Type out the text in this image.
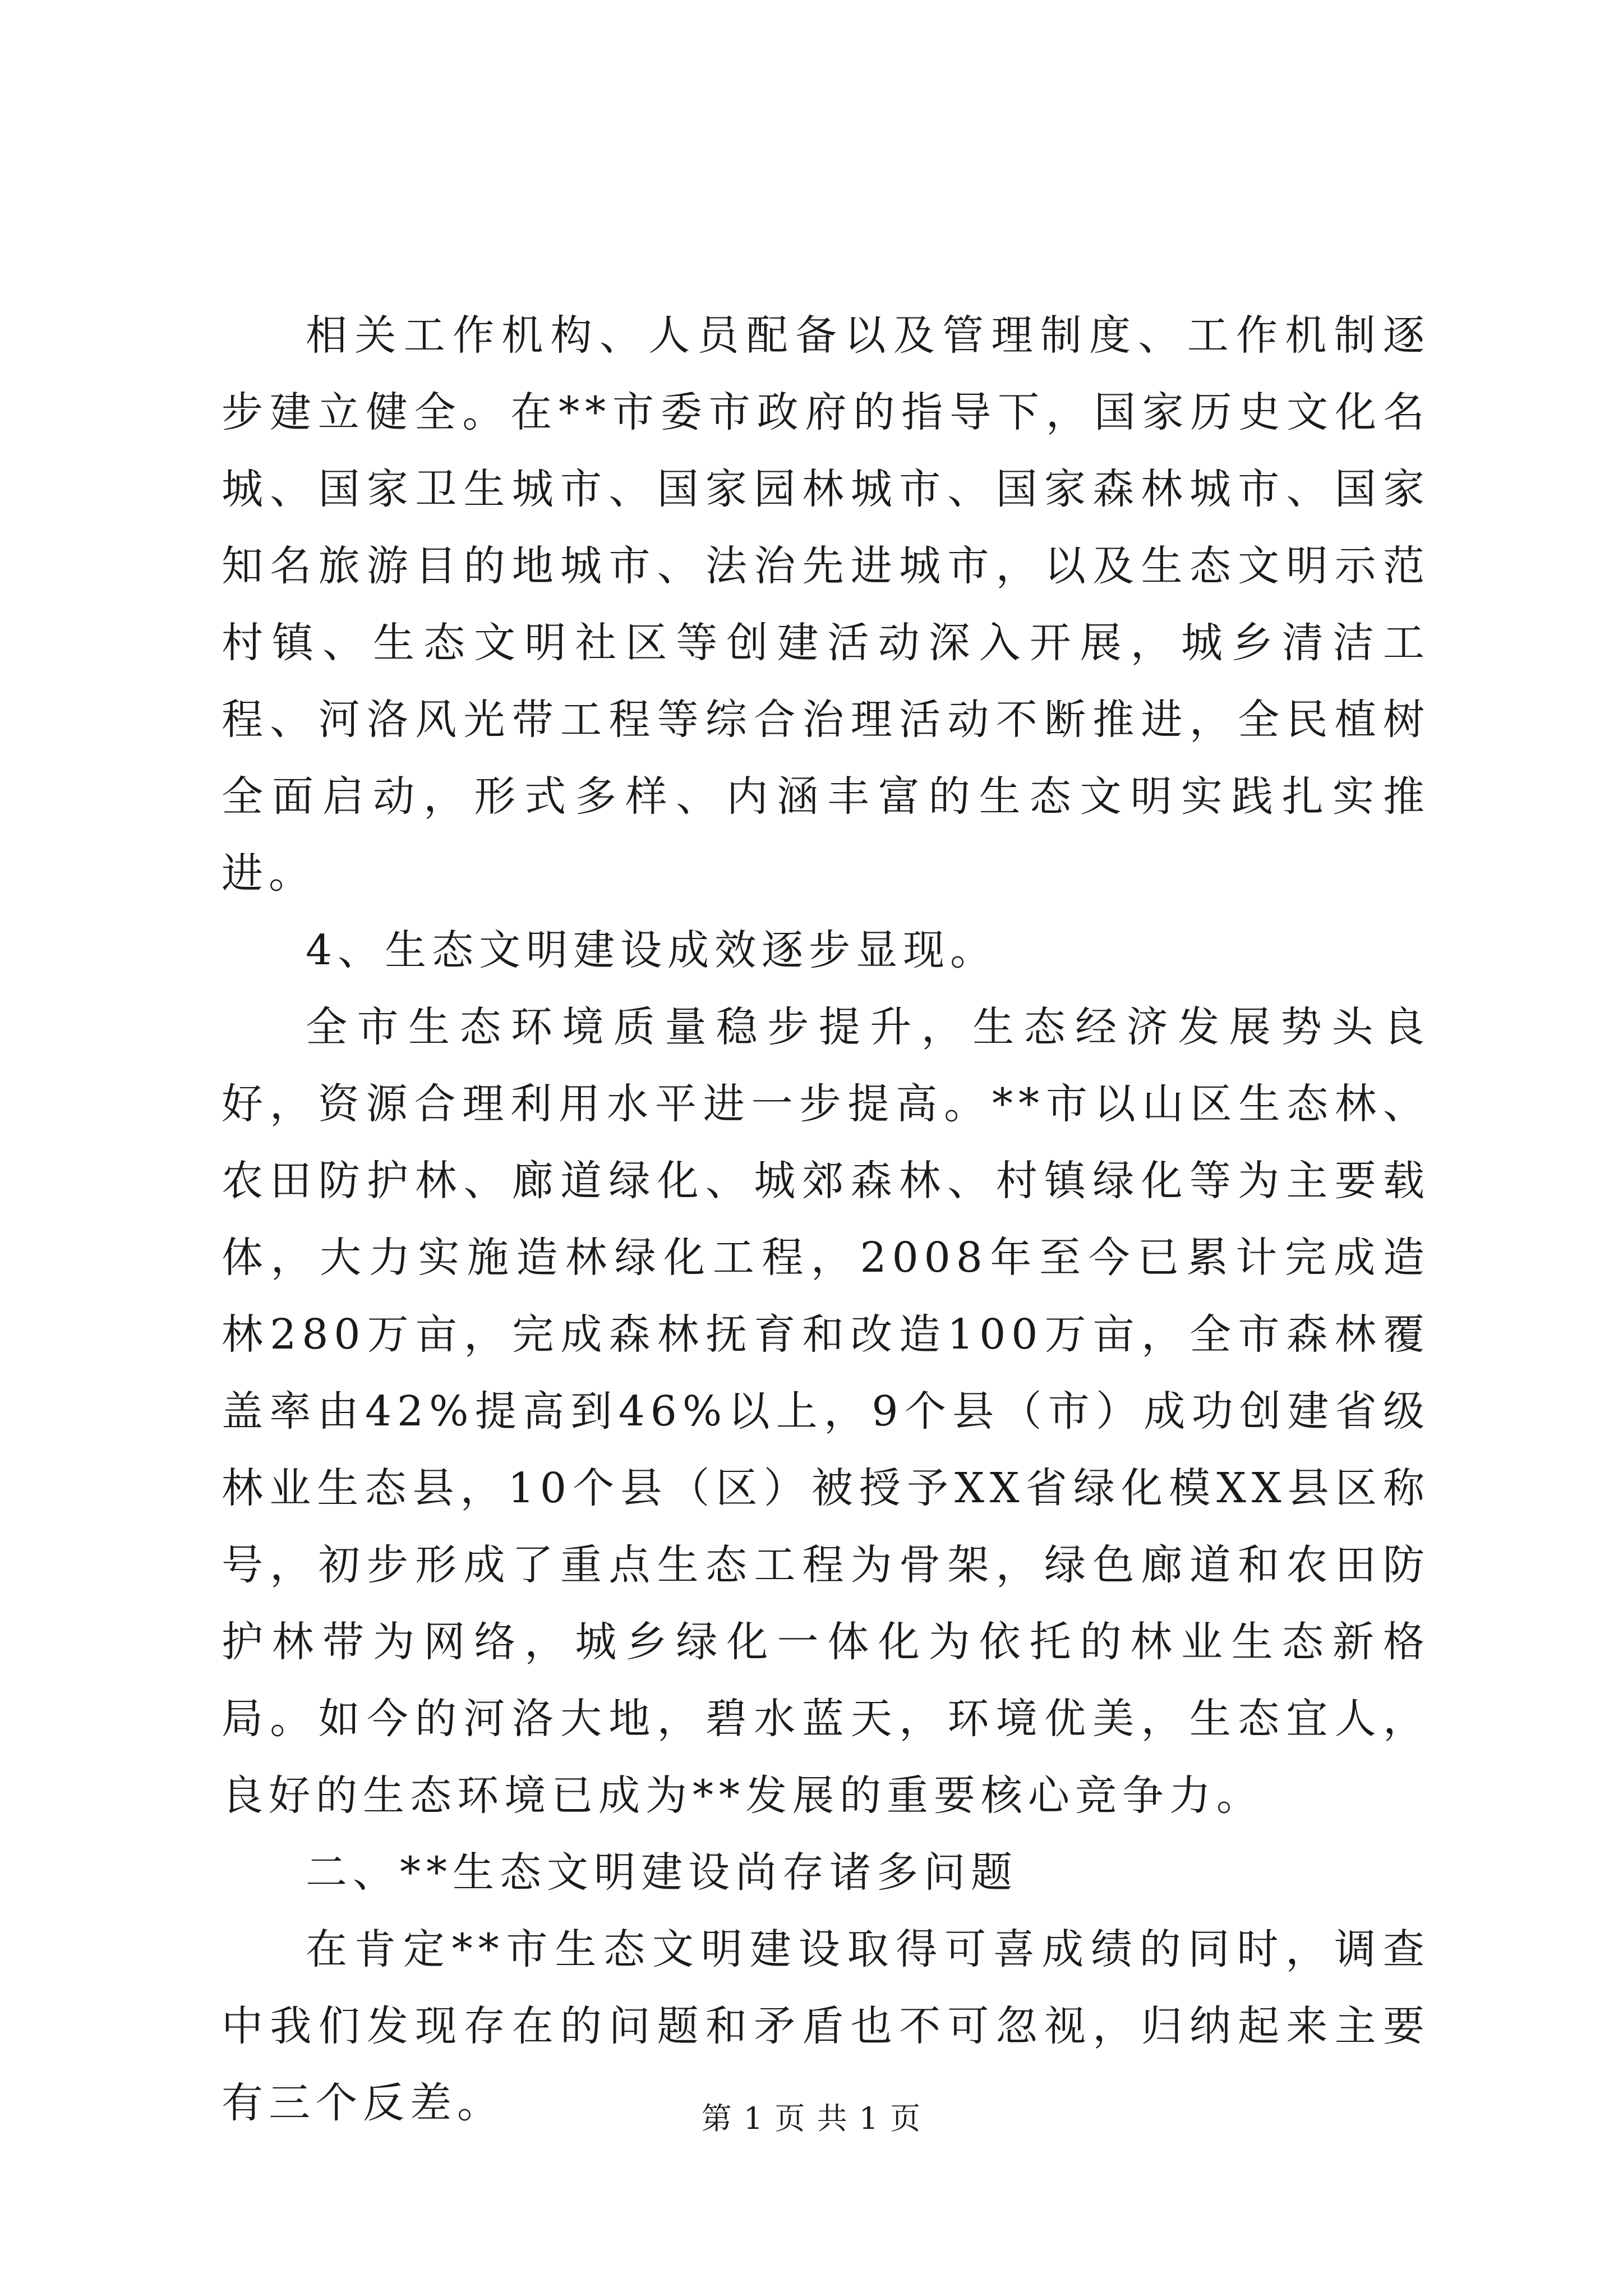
相关工作机构、人员配备以及管理制度、工作机制逐步建立健全。在**市委市政府的指导下，国家历史文化名城、国家卫生城市、国家园林城市、国家森林城市、国家知名旅游目的地城市、法治先进城市，以及生态文明示范村镇、生态文明社区等创建活动深入开展，城乡清洁工程、河洛风光带工程等综合治理活动不断推进，全民植树全面启动，形式多样、内涵丰富的生态文明实践扎实推进。

4、生态文明建设成效逐步显现。

全市生态环境质量稳步提升，生态经济发展势头良好，资源合理利用水平进一步提高。**市以山区生态林、农田防护林、廊道绿化、城郊森林、村镇绿化等为主要载体，大力实施造林绿化工程，2008年至今已累计完成造林280万亩，完成森林抚育和改造100万亩，全市森林覆盖率由42%提高到46%以上，9个县（市）成功创建省级林业生态县，10个县（区）被授予XX省绿化模XX县区称号，初步形成了重点生态工程为骨架，绿色廊道和农田防护林带为网络，城乡绿化一体化为依托的林业生态新格局。如今的河洛大地，碧水蓝天，环境优美，生态宜人，良好的生态环境已成为**发展的重要核心竞争力。

二、**生态文明建设尚存诸多问题

在肯定**市生态文明建设取得可喜成绩的同时，调查中我们发现存在的问题和矛盾也不可忽视，归纳起来主要有三个反差。	第 1 页 共 1 页
